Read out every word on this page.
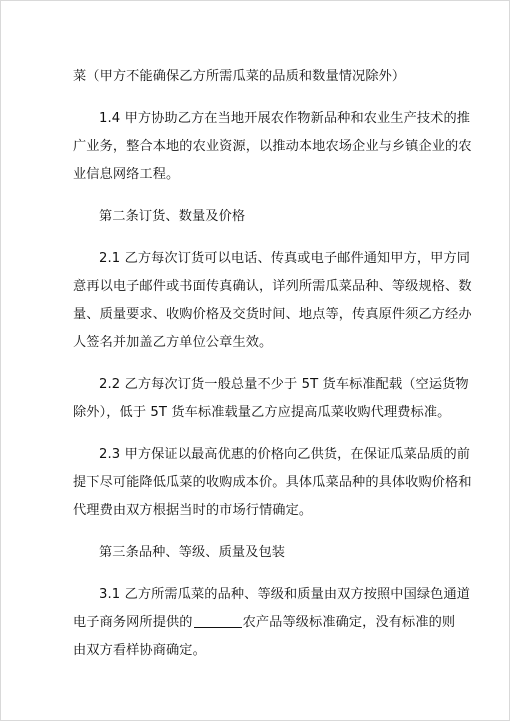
菜（甲方不能确保乙方所需瓜菜的品质和数量情况除外）
1.4 甲方协助乙方在当地开展农作物新品种和农业生产技术的推
广业务，整合本地的农业资源，以推动本地农场企业与乡镇企业的农
业信息网络工程。
第二条订货、数量及价格
2.1 乙方每次订货可以电话、传真或电子邮件通知甲方，甲方同
意再以电子邮件或书面传真确认，详列所需瓜菜品种、等级规格、数
量、质量要求、收购价格及交货时间、地点等，传真原件须乙方经办
人签名并加盖乙方单位公章生效。
2.2 乙方每次订货一般总量不少于 5T 货车标准配载（空运货物
除外），低于 5T 货车标准载量乙方应提高瓜菜收购代理费标准。
2.3 甲方保证以最高优惠的价格向乙供货，在保证瓜菜品质的前
提下尽可能降低瓜菜的收购成本价。具体瓜菜品种的具体收购价格和
代理费由双方根据当时的市场行情确定。
第三条品种、等级、质量及包装
3.1 乙方所需瓜菜的品种、等级和质量由双方按照中国绿色通道
电子商务网所提供的	农产品等级标准确定，没有标准的则
由双方看样协商确定。
